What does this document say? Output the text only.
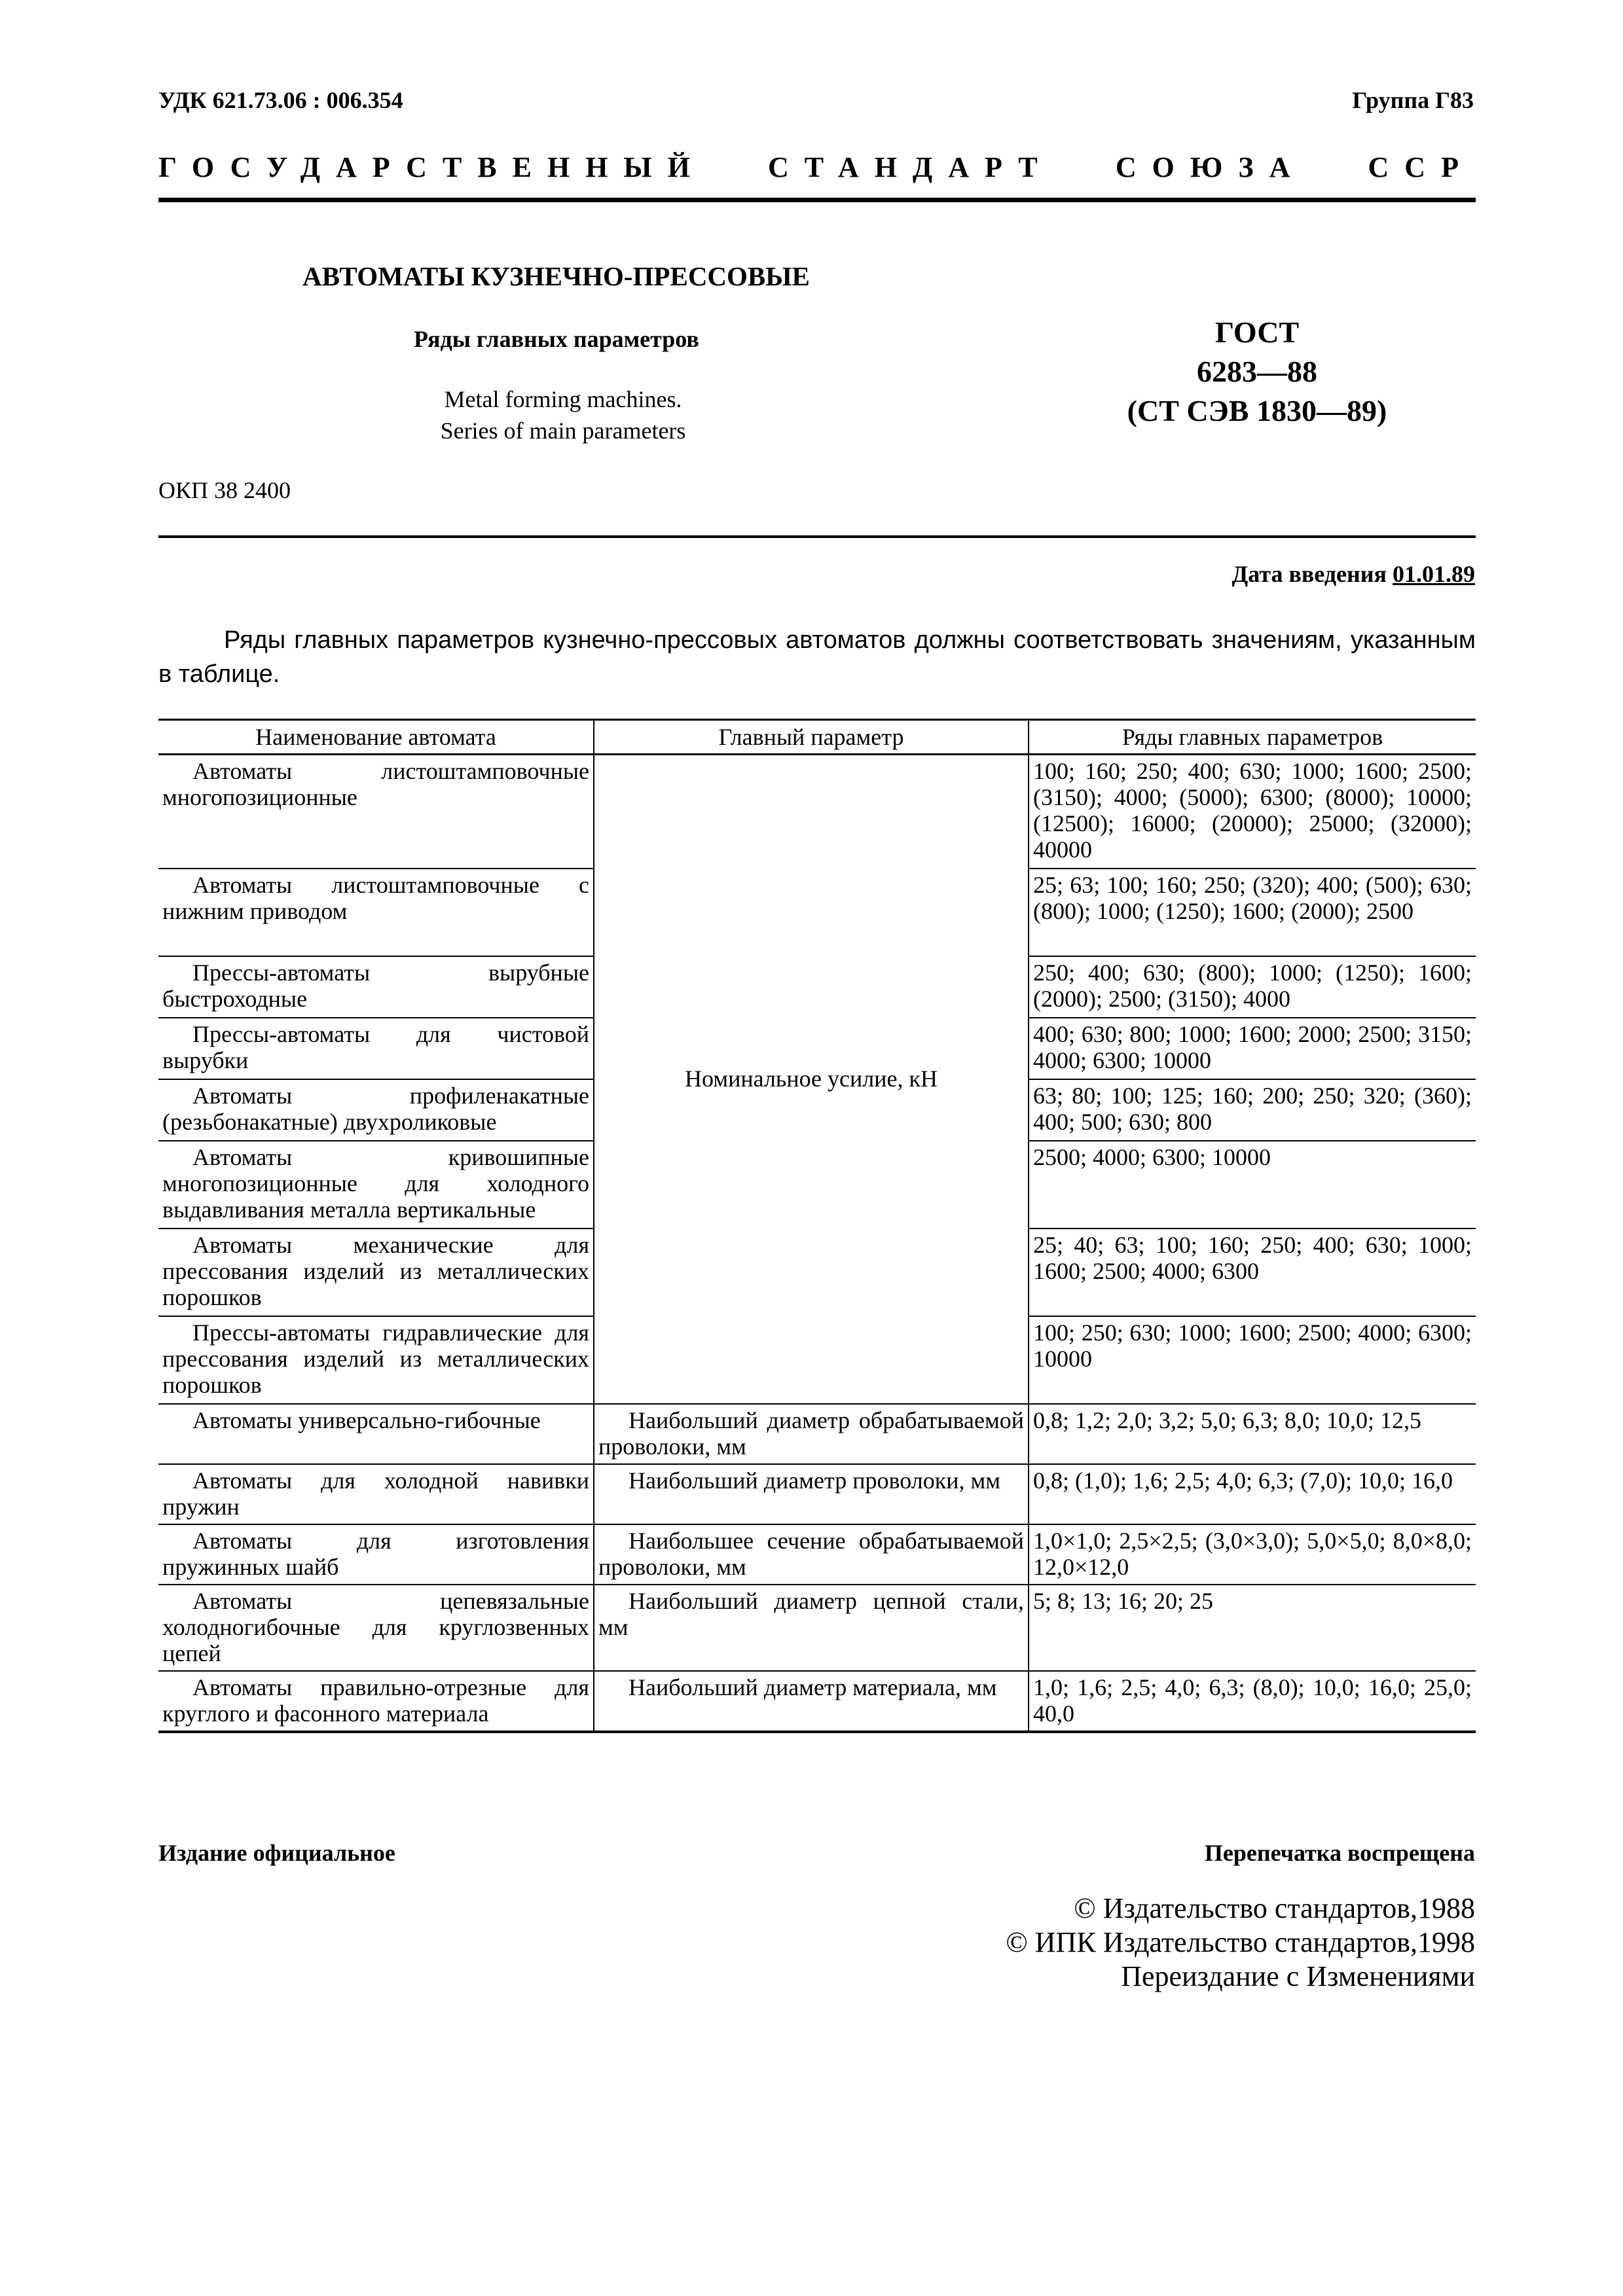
УДК 621.73.06 : 006.354	Группа Г83
ГОСУДАРСТВЕННЫЙ СТАНДАРТ СОЮЗА ССР
АВТОМАТЫ КУЗНЕЧНО-ПРЕССОВЫЕ
Ряды главных параметров
Metal forming machines.
Series of main parameters
ГОСТ
6283—88
(СТ СЭВ 1830—89)
ОКП 38 2400
Дата введения 01.01.89
Ряды главных параметров кузнечно-прессовых автоматов должны соответствовать значениям, указанным в таблице.
Наименование автомата	Главный параметр	Ряды главных параметров
Автоматы листоштамповочные многопозиционные	Номинальное усилие, кН	100; 160; 250; 400; 630; 1000; 1600; 2500; (3150); 4000; (5000); 6300; (8000); 10000; (12500); 16000; (20000); 25000; (32000); 40000
Автоматы листоштамповочные с нижним приводом		25; 63; 100; 160; 250; (320); 400; (500); 630; (800); 1000; (1250); 1600; (2000); 2500
Прессы-автоматы вырубные быстроходные		250; 400; 630; (800); 1000; (1250); 1600; (2000); 2500; (3150); 4000
Прессы-автоматы для чистовой вырубки		400; 630; 800; 1000; 1600; 2000; 2500; 3150; 4000; 6300; 10000
Автоматы профиленакатные (резьбонакатные) двухроликовые		63; 80; 100; 125; 160; 200; 250; 320; (360); 400; 500; 630; 800
Автоматы кривошипные многопозиционные для холодного выдавливания металла вертикальные		2500; 4000; 6300; 10000
Автоматы механические для прессования изделий из металлических порошков		25; 40; 63; 100; 160; 250; 400; 630; 1000; 1600; 2500; 4000; 6300
Прессы-автоматы гидравлические для прессования изделий из металлических порошков		100; 250; 630; 1000; 1600; 2500; 4000; 6300; 10000
Автоматы универсально-гибочные	Наибольший диаметр обрабатываемой проволоки, мм	0,8; 1,2; 2,0; 3,2; 5,0; 6,3; 8,0; 10,0; 12,5
Автоматы для холодной навивки пружин	Наибольший диаметр проволоки, мм	0,8; (1,0); 1,6; 2,5; 4,0; 6,3; (7,0); 10,0; 16,0
Автоматы для изготовления пружинных шайб	Наибольшее сечение обрабатываемой проволоки, мм	1,0×1,0; 2,5×2,5; (3,0×3,0); 5,0×5,0; 8,0×8,0; 12,0×12,0
Автоматы цепевязальные холодногибочные для круглозвенных цепей	Наибольший диаметр цепной стали, мм	5; 8; 13; 16; 20; 25
Автоматы правильно-отрезные для круглого и фасонного материала	Наибольший диаметр материала, мм	1,0; 1,6; 2,5; 4,0; 6,3; (8,0); 10,0; 16,0; 25,0; 40,0
Издание официальное	Перепечатка воспрещена
© Издательство стандартов,1988
© ИПК Издательство стандартов,1998
Переиздание с Изменениями
